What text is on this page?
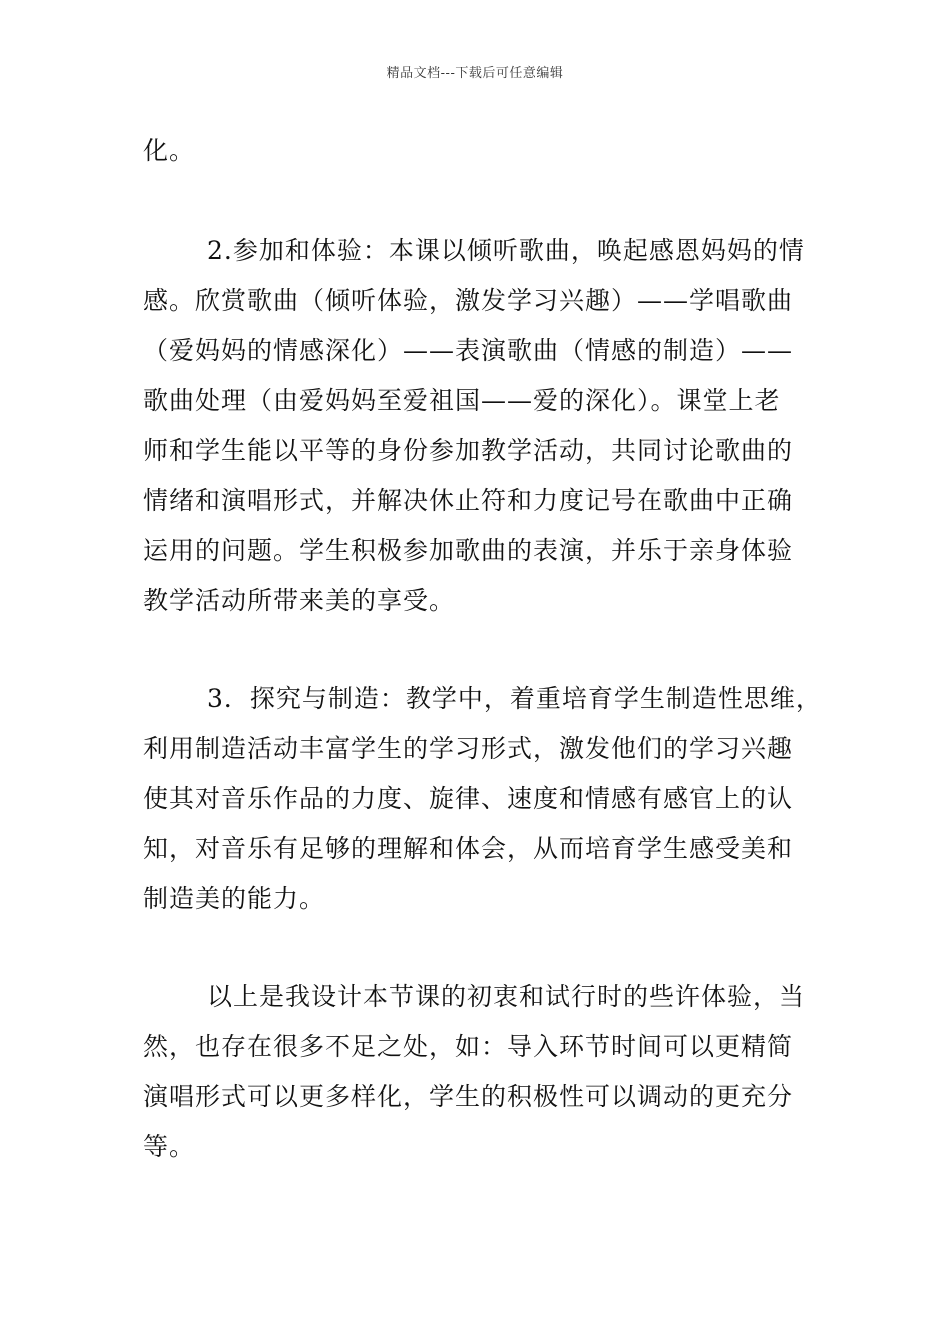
精品文档---下载后可任意编辑
化。
2.参加和体验：本课以倾听歌曲，唤起感恩妈妈的情
感。欣赏歌曲（倾听体验，激发学习兴趣）——学唱歌曲
（爱妈妈的情感深化）——表演歌曲（情感的制造）——
歌曲处理（由爱妈妈至爱祖国——爱的深化）。课堂上老
师和学生能以平等的身份参加教学活动，共同讨论歌曲的
情绪和演唱形式，并解决休止符和力度记号在歌曲中正确
运用的问题。学生积极参加歌曲的表演，并乐于亲身体验
教学活动所带来美的享受。
3．探究与制造：教学中，着重培育学生制造性思维，
利用制造活动丰富学生的学习形式，激发他们的学习兴趣
使其对音乐作品的力度、旋律、速度和情感有感官上的认
知，对音乐有足够的理解和体会，从而培育学生感受美和
制造美的能力。
以上是我设计本节课的初衷和试行时的些许体验，当
然，也存在很多不足之处，如：导入环节时间可以更精简
演唱形式可以更多样化，学生的积极性可以调动的更充分
等。
